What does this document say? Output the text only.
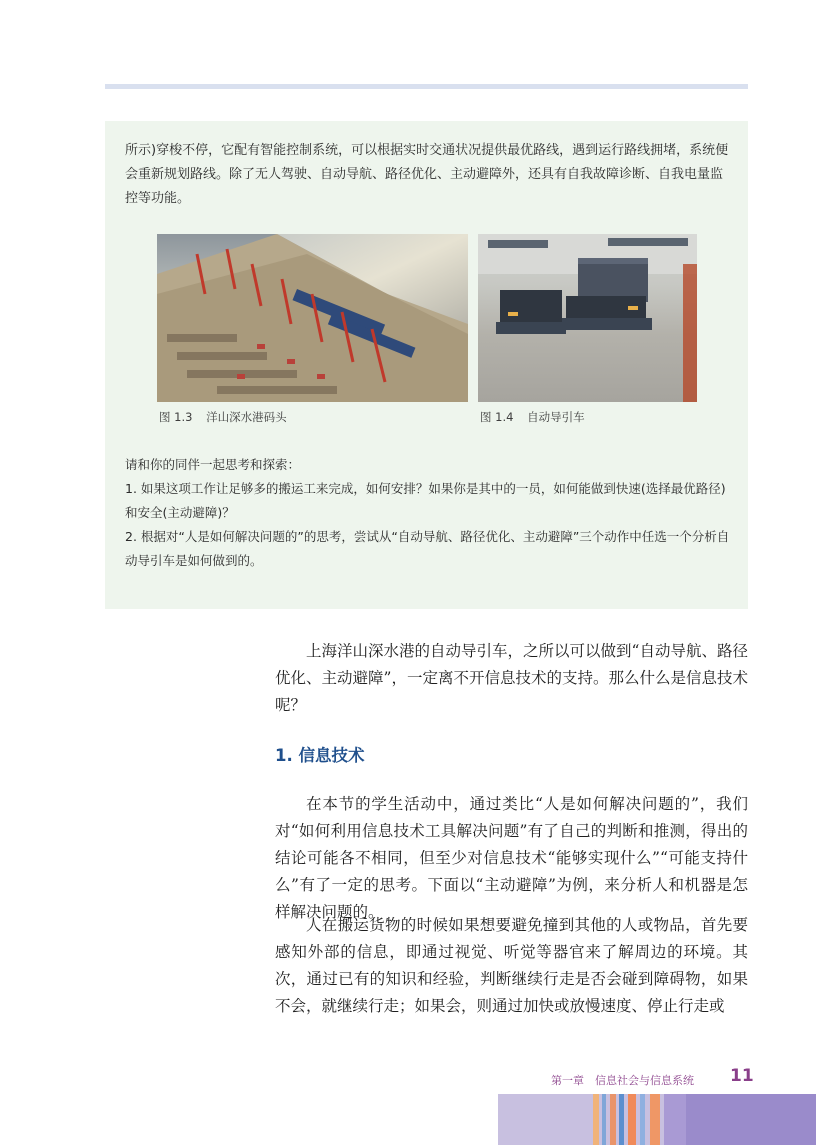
所示)穿梭不停，它配有智能控制系统，可以根据实时交通状况提供最优路线，遇到运行路线拥堵，系统便会重新规划路线。除了无人驾驶、自动导航、路径优化、主动避障外，还具有自我故障诊断、自我电量监控等功能。

图 1.3 洋山深水港码头	图 1.4 自动导引车

请和你的同伴一起思考和探索：

1. 如果这项工作让足够多的搬运工来完成，如何安排？如果你是其中的一员，如何能做到快速(选择最优路径)和安全(主动避障)？

2. 根据对“人是如何解决问题的”的思考，尝试从“自动导航、路径优化、主动避障”三个动作中任选一个分析自动导引车是如何做到的。

上海洋山深水港的自动导引车，之所以可以做到“自动导航、路径优化、主动避障”，一定离不开信息技术的支持。那么什么是信息技术呢？

1. 信息技术

在本节的学生活动中，通过类比“人是如何解决问题的”，我们对“如何利用信息技术工具解决问题”有了自己的判断和推测，得出的结论可能各不相同，但至少对信息技术“能够实现什么”“可能支持什么”有了一定的思考。下面以“主动避障”为例，来分析人和机器是怎样解决问题的。

人在搬运货物的时候如果想要避免撞到其他的人或物品，首先要感知外部的信息，即通过视觉、听觉等器官来了解周边的环境。其次，通过已有的知识和经验，判断继续行走是否会碰到障碍物，如果不会，就继续行走；如果会，则通过加快或放慢速度、停止行走或

第一章　信息社会与信息系统 11
